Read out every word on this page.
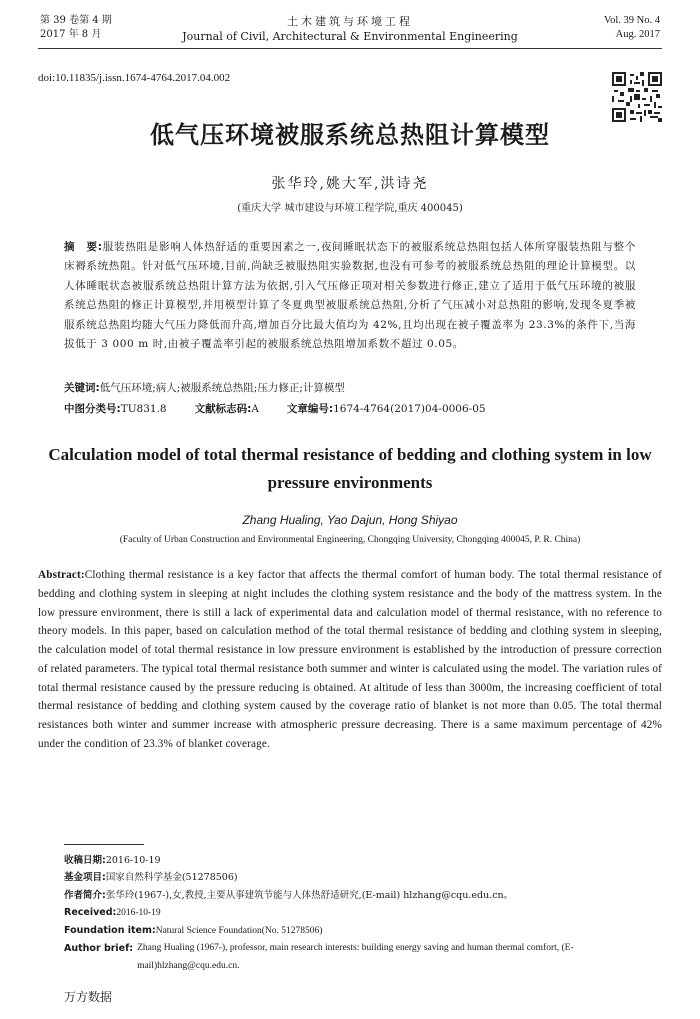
第 39 卷第 4 期
2017 年 8 月
土木建筑与环境工程
Journal of Civil, Architectural & Environmental Engineering
Vol. 39 No. 4
Aug. 2017
doi:10.11835/j.issn.1674-4764.2017.04.002
低气压环境被服系统总热阻计算模型
张华玲,姚大军,洪诗尧
(重庆大学 城市建设与环境工程学院,重庆 400045)
摘　要:服装热阻是影响人体热舒适的重要因素之一,夜间睡眠状态下的被服系统总热阻包括人体所穿服装热阻与整个床褥系统热阻。针对低气压环境,目前,尚缺乏被服热阻实验数据,也没有可参考的被服系统总热阻的理论计算模型。以人体睡眠状态被服系统总热阻计算方法为依据,引入气压修正项对相关参数进行修正,建立了适用于低气压环境的被服系统总热阻的修正计算模型,并用模型计算了冬夏典型被服系统总热阻,分析了气压减小对总热阻的影响,发现冬夏季被服系统总热阻均随大气压力降低而升高,增加百分比最大值均为 42%,且均出现在被子覆盖率为 23.3%的条件下,当海拔低于 3 000 m 时,由被子覆盖率引起的被服系统总热阻增加系数不超过 0.05。
关键词:低气压环境;病人;被服系统总热阻;压力修正;计算模型
中图分类号:TU831.8	文献标志码:A	文章编号:1674-4764(2017)04-0006-05
Calculation model of total thermal resistance of bedding and clothing system in low pressure environments
Zhang Hualing, Yao Dajun, Hong Shiyao
(Faculty of Urban Construction and Environmental Engineering, Chongqing University, Chongqing 400045, P. R. China)
Abstract:Clothing thermal resistance is a key factor that affects the thermal comfort of human body. The total thermal resistance of bedding and clothing system in sleeping at night includes the clothing system resistance and the body of the mattress system. In the low pressure environment, there is still a lack of experimental data and calculation model of thermal resistance, with no reference to theory models. In this paper, based on calculation method of the total thermal resistance of bedding and clothing system in sleeping, the calculation model of total thermal resistance in low pressure environment is established by the introduction of pressure correction of related parameters. The typical total thermal resistance both summer and winter is calculated using the model. The variation rules of total thermal resistance caused by the pressure reducing is obtained. At altitude of less than 3000m, the increasing coefficient of total thermal resistance of bedding and clothing system caused by the coverage ratio of blanket is not more than 0.05. The total thermal resistances both winter and summer increase with atmospheric pressure decreasing. There is a same maximum percentage of 42% under the condition of 23.3% of blanket coverage.
收稿日期:2016-10-19
基金项目:国家自然科学基金(51278506)
作者简介:张华玲(1967-),女,教授,主要从事建筑节能与人体热舒适研究,(E-mail) hlzhang@cqu.edu.cn。
Received:2016-10-19
Foundation item:Natural Science Foundation(No. 51278506)
Author brief: Zhang Hualing (1967-), professor, main research interests: building energy saving and human thermal comfort, (E-mail)hlzhang@cqu.edu.cn.
万方数据
